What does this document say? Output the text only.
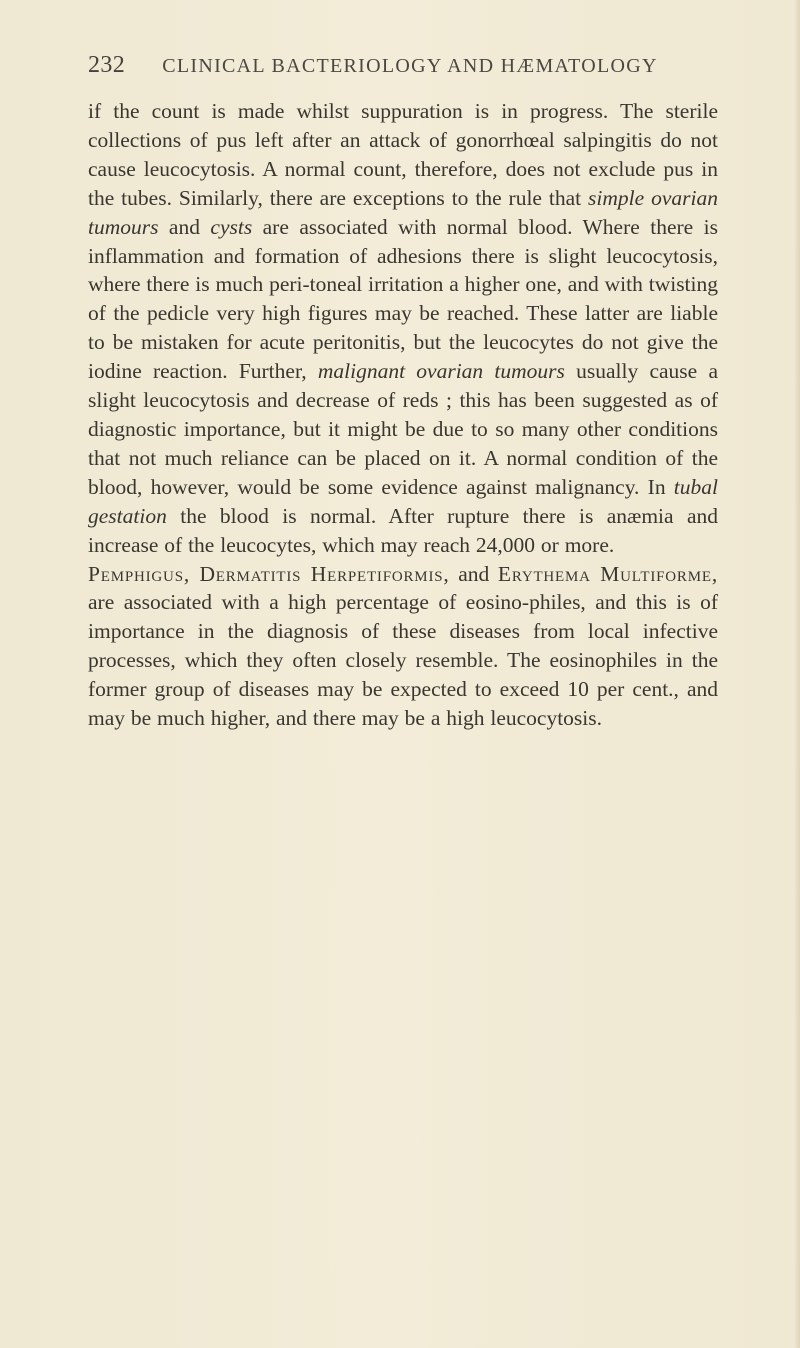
232 CLINICAL BACTERIOLOGY AND HÆMATOLOGY

if the count is made whilst suppuration is in progress. The sterile collections of pus left after an attack of gonorrhœal salpingitis do not cause leucocytosis. A normal count, therefore, does not exclude pus in the tubes. Similarly, there are exceptions to the rule that simple ovarian tumours and cysts are associated with normal blood. Where there is inflammation and formation of adhesions there is slight leucocytosis, where there is much peri-toneal irritation a higher one, and with twisting of the pedicle very high figures may be reached. These latter are liable to be mistaken for acute peritonitis, but the leucocytes do not give the iodine reaction. Further, malignant ovarian tumours usually cause a slight leucocytosis and decrease of reds ; this has been suggested as of diagnostic importance, but it might be due to so many other conditions that not much reliance can be placed on it. A normal condition of the blood, however, would be some evidence against malignancy. In tubal gestation the blood is normal. After rupture there is anæmia and increase of the leucocytes, which may reach 24,000 or more.

Pemphigus, Dermatitis Herpetiformis, and Erythema Multiforme, are associated with a high percentage of eosino-philes, and this is of importance in the diagnosis of these diseases from local infective processes, which they often closely resemble. The eosinophiles in the former group of diseases may be expected to exceed 10 per cent., and may be much higher, and there may be a high leucocytosis.
